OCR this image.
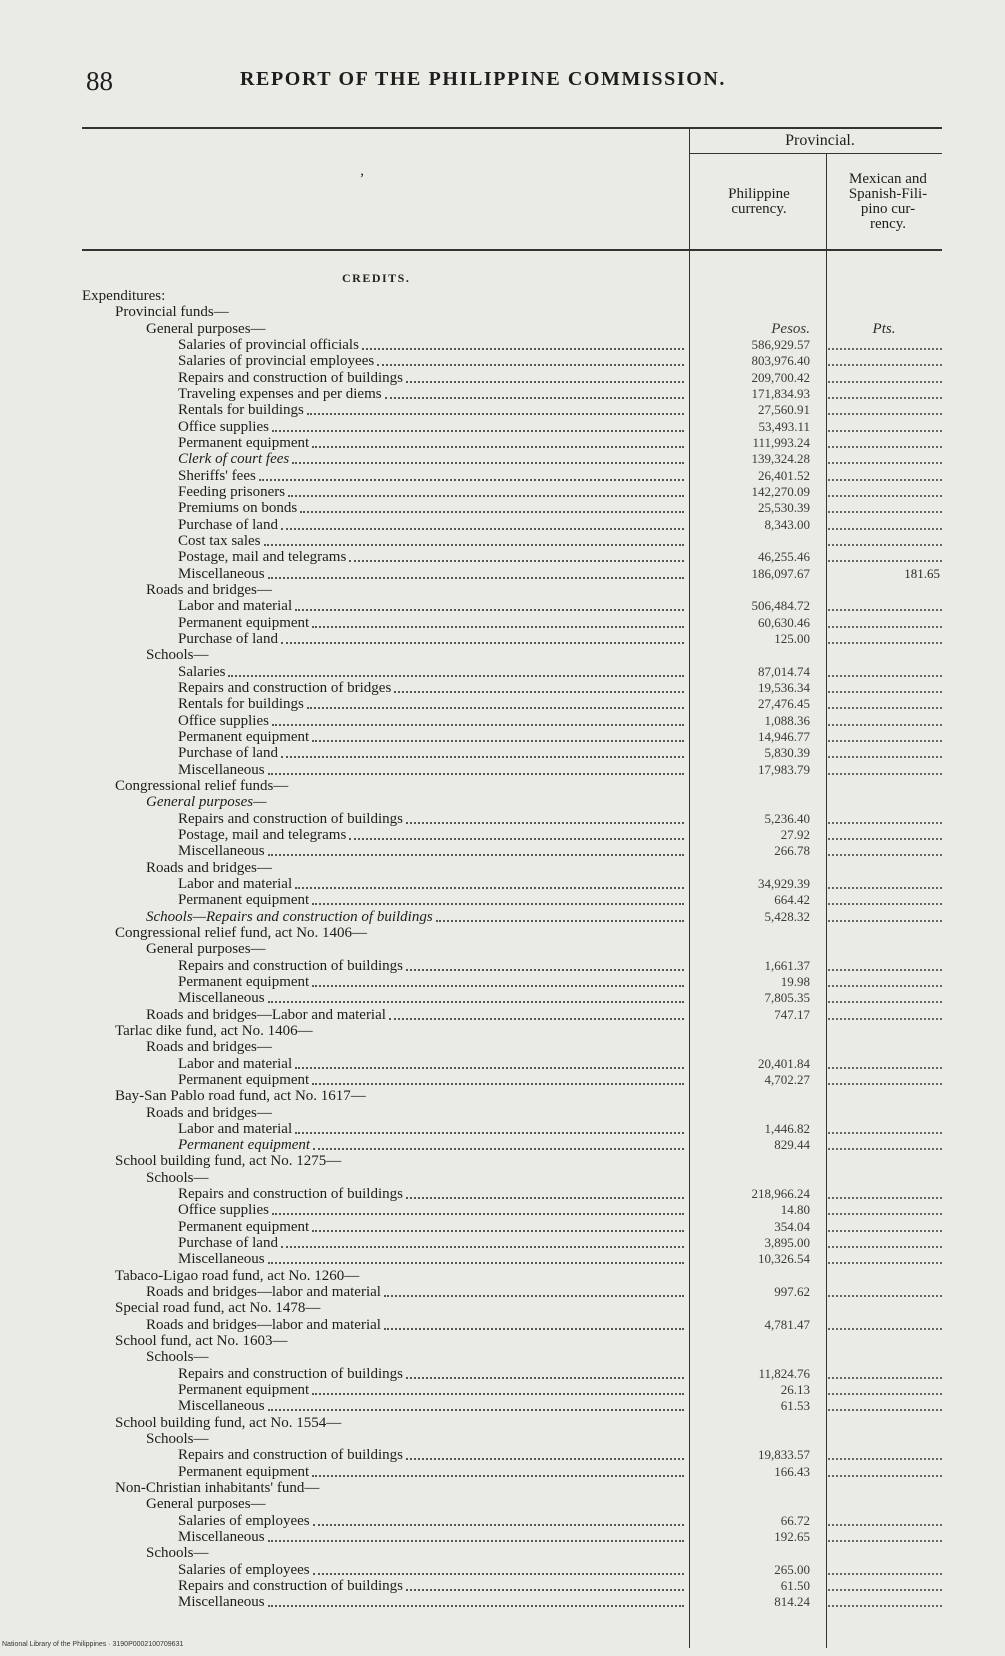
88	REPORT OF THE PHILIPPINE COMMISSION.
Provincial.
’
Philippine
currency.
Mexican and
Spanish-Fili-
pino cur-
rency.
CREDITS.
Expenditures:
Provincial funds—
General purposes—	Pesos.	Pts.
Salaries of provincial officials	586,929.57
Salaries of provincial employees	803,976.40
Repairs and construction of buildings	209,700.42
Traveling expenses and per diems	171,834.93
Rentals for buildings	27,560.91
Office supplies	53,493.11
Permanent equipment	111,993.24
Clerk of court fees	139,324.28
Sheriffs' fees	26,401.52
Feeding prisoners	142,270.09
Premiums on bonds	25,530.39
Purchase of land	8,343.00
Cost tax sales
Postage, mail and telegrams	46,255.46
Miscellaneous	186,097.67	181.65
Roads and bridges—
Labor and material	506,484.72
Permanent equipment	60,630.46
Purchase of land	125.00
Schools—
Salaries	87,014.74
Repairs and construction of bridges	19,536.34
Rentals for buildings	27,476.45
Office supplies	1,088.36
Permanent equipment	14,946.77
Purchase of land	5,830.39
Miscellaneous	17,983.79
Congressional relief funds—
General purposes—
Repairs and construction of buildings	5,236.40
Postage, mail and telegrams	27.92
Miscellaneous	266.78
Roads and bridges—
Labor and material	34,929.39
Permanent equipment	664.42
Schools—Repairs and construction of buildings	5,428.32
Congressional relief fund, act No. 1406—
General purposes—
Repairs and construction of buildings	1,661.37
Permanent equipment	19.98
Miscellaneous	7,805.35
Roads and bridges—Labor and material	747.17
Tarlac dike fund, act No. 1406—
Roads and bridges—
Labor and material	20,401.84
Permanent equipment	4,702.27
Bay-San Pablo road fund, act No. 1617—
Roads and bridges—
Labor and material	1,446.82
Permanent equipment	829.44
School building fund, act No. 1275—
Schools—
Repairs and construction of buildings	218,966.24
Office supplies	14.80
Permanent equipment	354.04
Purchase of land	3,895.00
Miscellaneous	10,326.54
Tabaco-Ligao road fund, act No. 1260—
Roads and bridges—labor and material	997.62
Special road fund, act No. 1478—
Roads and bridges—labor and material	4,781.47
School fund, act No. 1603—
Schools—
Repairs and construction of buildings	11,824.76
Permanent equipment	26.13
Miscellaneous	61.53
School building fund, act No. 1554—
Schools—
Repairs and construction of buildings	19,833.57
Permanent equipment	166.43
Non-Christian inhabitants' fund—
General purposes—
Salaries of employees	66.72
Miscellaneous	192.65
Schools—
Salaries of employees	265.00
Repairs and construction of buildings	61.50
Miscellaneous	814.24
National Library of the Philippines · 3190P0002100709631
